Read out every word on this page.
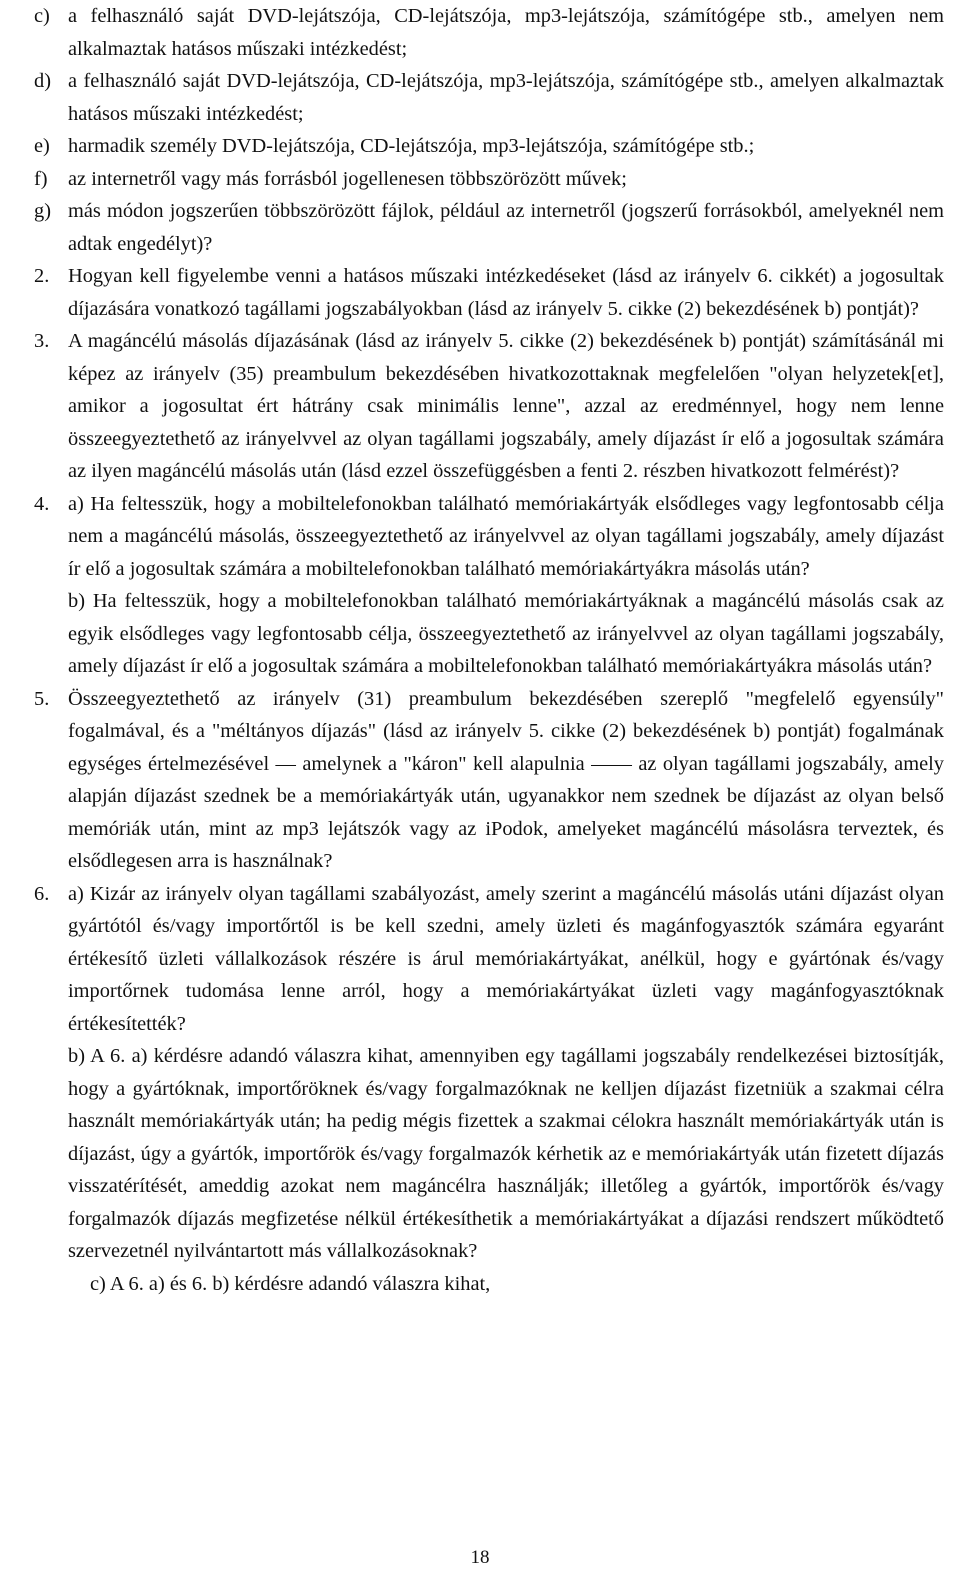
c) a felhasználó saját DVD-lejátszója, CD-lejátszója, mp3-lejátszója, számítógépe stb., amelyen nem alkalmaztak hatásos műszaki intézkedést;

d) a felhasználó saját DVD-lejátszója, CD-lejátszója, mp3-lejátszója, számítógépe stb., amelyen alkalmaztak hatásos műszaki intézkedést;

e) harmadik személy DVD-lejátszója, CD-lejátszója, mp3-lejátszója, számítógépe stb.;

f) az internetről vagy más forrásból jogellenesen többszörözött művek;

g) más módon jogszerűen többszörözött fájlok, például az internetről (jogszerű forrásokból, amelyeknél nem adtak engedélyt)?

2. Hogyan kell figyelembe venni a hatásos műszaki intézkedéseket (lásd az irányelv 6. cikkét) a jogosultak díjazására vonatkozó tagállami jogszabályokban (lásd az irányelv 5. cikke (2) bekezdésének b) pontját)?

3. A magáncélú másolás díjazásának (lásd az irányelv 5. cikke (2) bekezdésének b) pontját) számításánál mi képez az irányelv (35) preambulum bekezdésében hivatkozottaknak megfelelően "olyan helyzetek[et], amikor a jogosultat ért hátrány csak minimális lenne", azzal az eredménnyel, hogy nem lenne összeegyeztethető az irányelvvel az olyan tagállami jogszabály, amely díjazást ír elő a jogosultak számára az ilyen magáncélú másolás után (lásd ezzel összefüggésben a fenti 2. részben hivatkozott felmérést)?

4. a) Ha feltesszük, hogy a mobiltelefonokban található memóriakártyák elsődleges vagy legfontosabb célja nem a magáncélú másolás, összeegyeztethető az irányelvvel az olyan tagállami jogszabály, amely díjazást ír elő a jogosultak számára a mobiltelefonokban található memóriakártyákra másolás után?

b) Ha feltesszük, hogy a mobiltelefonokban található memóriakártyáknak a magáncélú másolás csak az egyik elsődleges vagy legfontosabb célja, összeegyeztethető az irányelvvel az olyan tagállami jogszabály, amely díjazást ír elő a jogosultak számára a mobiltelefonokban található memóriakártyákra másolás után?

5. Összeegyeztethető az irányelv (31) preambulum bekezdésében szereplő "megfelelő egyensúly" fogalmával, és a "méltányos díjazás" (lásd az irányelv 5. cikke (2) bekezdésének b) pontját) fogalmának egységes értelmezésével — amelynek a "káron" kell alapulnia —— az olyan tagállami jogszabály, amely alapján díjazást szednek be a memóriakártyák után, ugyanakkor nem szednek be díjazást az olyan belső memóriák után, mint az mp3 lejátszók vagy az iPodok, amelyeket magáncélú másolásra terveztek, és elsődlegesen arra is használnak?

6. a) Kizár az irányelv olyan tagállami szabályozást, amely szerint a magáncélú másolás utáni díjazást olyan gyártótól és/vagy importőrtől is be kell szedni, amely üzleti és magánfogyasztók számára egyaránt értékesítő üzleti vállalkozások részére is árul memóriakártyákat, anélkül, hogy e gyártónak és/vagy importőrnek tudomása lenne arról, hogy a memóriakártyákat üzleti vagy magánfogyasztóknak értékesítették?

b) A 6. a) kérdésre adandó válaszra kihat, amennyiben egy tagállami jogszabály rendelkezései biztosítják, hogy a gyártóknak, importőröknek és/vagy forgalmazóknak ne kelljen díjazást fizetniük a szakmai célra használt memóriakártyák után; ha pedig mégis fizettek a szakmai célokra használt memóriakártyák után is díjazást, úgy a gyártók, importőrök és/vagy forgalmazók kérhetik az e memóriakártyák után fizetett díjazás visszatérítését, amеddig azokat nem magáncélra használják; illetőleg a gyártók, importőrök és/vagy forgalmazók díjazás megfizetése nélkül értékesíthetik a memóriakártyákat a díjazási rendszert működtető szervezetnél nyilvántartott más vállalkozásoknak?

c) A 6. a) és 6. b) kérdésre adandó válaszra kihat,

18
